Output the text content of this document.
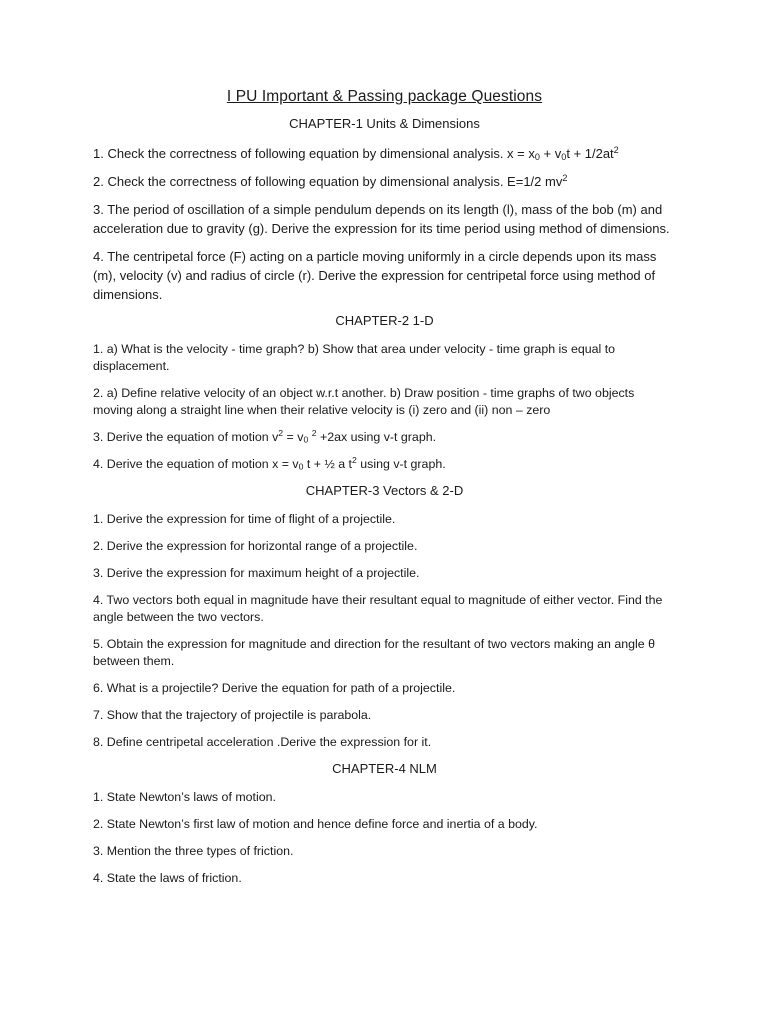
I PU Important & Passing package Questions
CHAPTER-1 Units & Dimensions

1. Check the correctness of following equation by dimensional analysis. $x = x_0 + v_0t + 1/2at^2$

2. Check the correctness of following equation by dimensional analysis. E=1/2 $mv^2$

3. The period of oscillation of a simple pendulum depends on its length (l), mass of the bob (m) and acceleration due to gravity (g). Derive the expression for its time period using method of dimensions.

4. The centripetal force (F) acting on a particle moving uniformly in a circle depends upon its mass (m), velocity (v) and radius of circle (r). Derive the expression for centripetal force using method of dimensions.

CHAPTER-2 1-D

1. a) What is the velocity - time graph? b) Show that area under velocity - time graph is equal to displacement.

2. a) Define relative velocity of an object w.r.t another. b) Draw position - time graphs of two objects moving along a straight line when their relative velocity is (i) zero and (ii) non – zero

3. Derive the equation of motion $v^2 = v_0$ $^2$ +2ax using v-t graph.

4. Derive the equation of motion $x = v_0$ t + ½ a $t^2$ using v-t graph.

CHAPTER-3 Vectors & 2-D

1. Derive the expression for time of flight of a projectile.

2. Derive the expression for horizontal range of a projectile.

3. Derive the expression for maximum height of a projectile.

4. Two vectors both equal in magnitude have their resultant equal to magnitude of either vector. Find the angle between the two vectors.

5. Obtain the expression for magnitude and direction for the resultant of two vectors making an angle θ between them.

6. What is a projectile? Derive the equation for path of a projectile.

7. Show that the trajectory of projectile is parabola.

8. Define centripetal acceleration .Derive the expression for it.

CHAPTER-4 NLM

1. State Newton’s laws of motion.

2. State Newton’s first law of motion and hence define force and inertia of a body.

3. Mention the three types of friction.

4. State the laws of friction.
